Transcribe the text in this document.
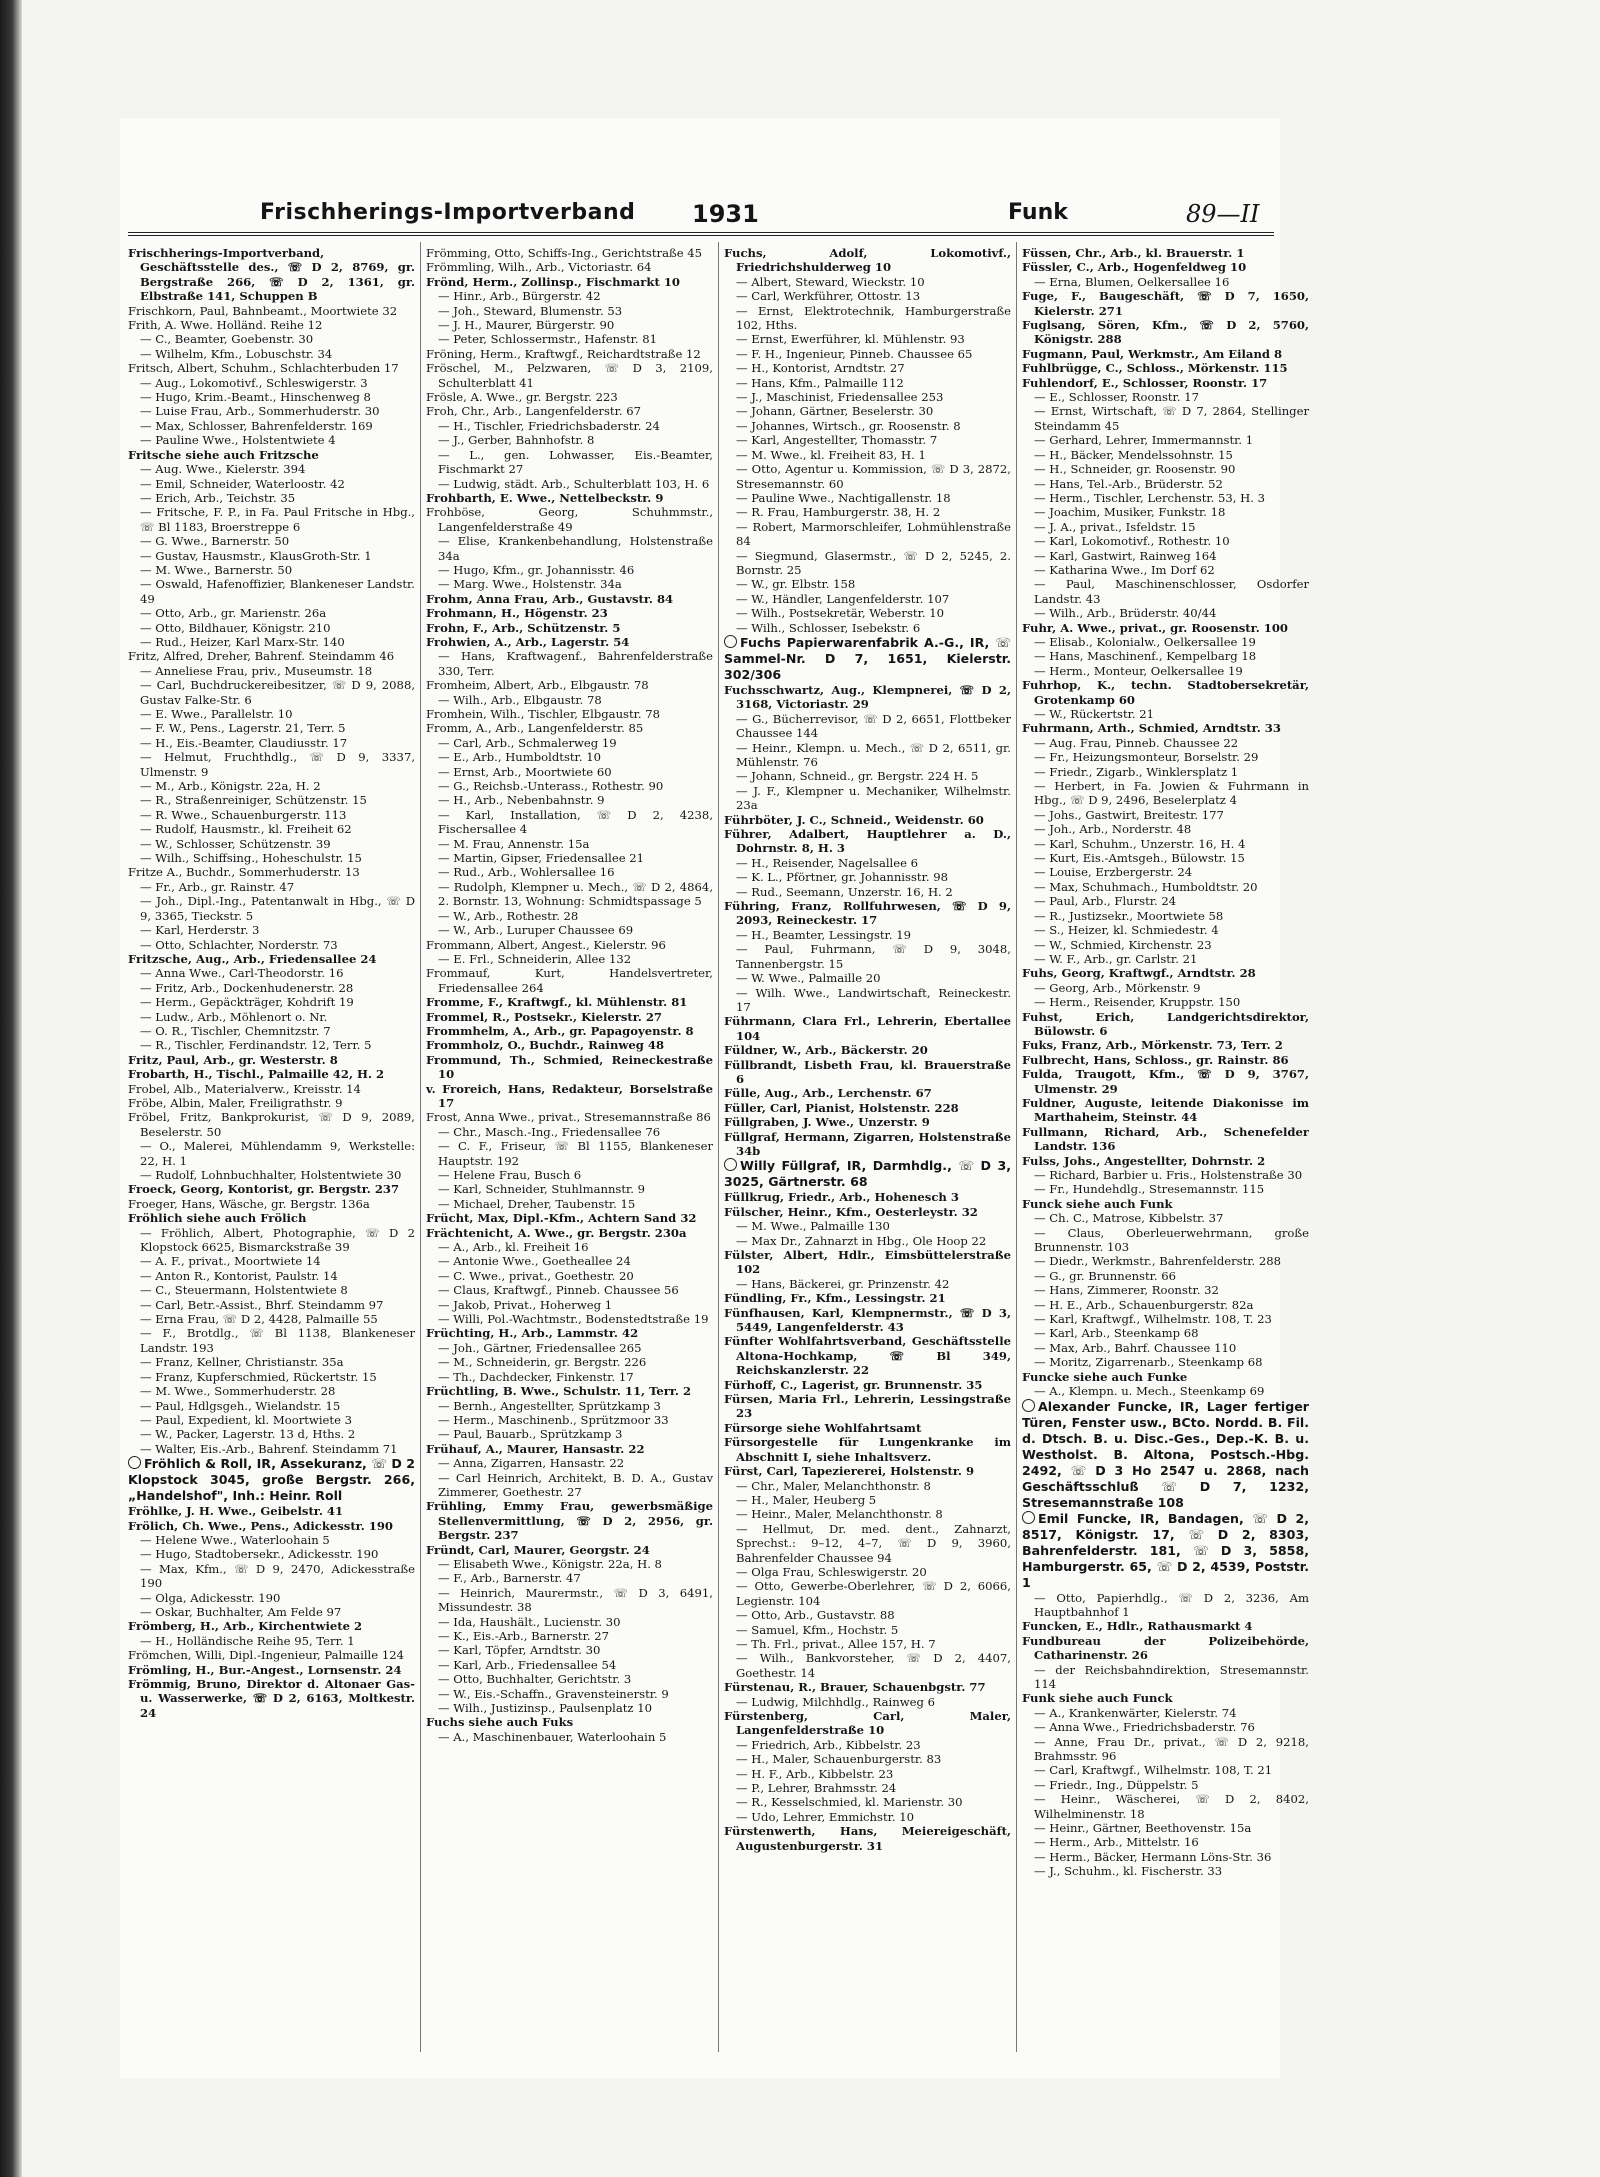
Frischherings-Importverband 1931	Funk	89—II

Frischherings-Importverband, Geschäftsstelle des., ☏ D 2, 8769, gr. Bergstraße 266, ☏ D 2, 1361, gr. Elbstraße 141, Schuppen B

Frischkorn, Paul, Bahnbeamt., Moortwiete 32

Frith, A. Wwe. Holländ. Reihe 12

— C., Beamter, Goebenstr. 30

— Wilhelm, Kfm., Lobuschstr. 34

Fritsch, Albert, Schuhm., Schlachterbuden 17

— Aug., Lokomotivf., Schleswigerstr. 3

— Hugo, Krim.-Beamt., Hinschenweg 8

— Luise Frau, Arb., Sommerhuderstr. 30

— Max, Schlosser, Bahrenfelderstr. 169

— Pauline Wwe., Holstentwiete 4

Fritsche siehe auch Fritzsche

— Aug. Wwe., Kielerstr. 394

— Emil, Schneider, Waterloostr. 42

— Erich, Arb., Teichstr. 35

— Fritsche, F. P., in Fa. Paul Fritsche in Hbg., ☏ Bl 1183, Broerstreppe 6

— G. Wwe., Barnerstr. 50

— Gustav, Hausmstr., KlausGroth-Str. 1

— M. Wwe., Barnerstr. 50

— Oswald, Hafenoffizier, Blankeneser Landstr. 49

— Otto, Arb., gr. Marienstr. 26a

— Otto, Bildhauer, Königstr. 210

— Rud., Heizer, Karl Marx-Str. 140

Fritz, Alfred, Dreher, Bahrenf. Steindamm 46

— Anneliese Frau, priv., Museumstr. 18

— Carl, Buchdruckereibesitzer, ☏ D 9, 2088, Gustav Falke-Str. 6

— E. Wwe., Parallelstr. 10

— F. W., Pens., Lagerstr. 21, Terr. 5

— H., Eis.-Beamter, Claudiusstr. 17

— Helmut, Fruchthdlg., ☏ D 9, 3337, Ulmenstr. 9

— M., Arb., Königstr. 22a, H. 2

— R., Straßenreiniger, Schützenstr. 15

— R. Wwe., Schauenburgerstr. 113

— Rudolf, Hausmstr., kl. Freiheit 62

— W., Schlosser, Schützenstr. 39

— Wilh., Schiffsing., Hoheschulstr. 15

Fritze A., Buchdr., Sommerhuderstr. 13

— Fr., Arb., gr. Rainstr. 47

— Joh., Dipl.-Ing., Patentanwalt in Hbg., ☏ D 9, 3365, Tieckstr. 5

— Karl, Herderstr. 3

— Otto, Schlachter, Norderstr. 73

Fritzsche, Aug., Arb., Friedensallee 24

— Anna Wwe., Carl-Theodorstr. 16

— Fritz, Arb., Dockenhudenerstr. 28

— Herm., Gepäckträger, Kohdrift 19

— Ludw., Arb., Möhlenort o. Nr.

— O. R., Tischler, Chemnitzstr. 7

— R., Tischler, Ferdinandstr. 12, Terr. 5

Fritz, Paul, Arb., gr. Westerstr. 8

Frobarth, H., Tischl., Palmaille 42, H. 2

Frobel, Alb., Materialverw., Kreisstr. 14

Fröbe, Albin, Maler, Freiligrathstr. 9

Fröbel, Fritz, Bankprokurist, ☏ D 9, 2089, Beselerstr. 50

— O., Malerei, Mühlendamm 9, Werkstelle: 22, H. 1

— Rudolf, Lohnbuchhalter, Holstentwiete 30

Froeck, Georg, Kontorist, gr. Bergstr. 237

Froeger, Hans, Wäsche, gr. Bergstr. 136a

Fröhlich siehe auch Frölich

— Fröhlich, Albert, Photographie, ☏ D 2 Klopstock 6625, Bismarckstraße 39

— A. F., privat., Moortwiete 14

— Anton R., Kontorist, Paulstr. 14

— C., Steuermann, Holstentwiete 8

— Carl, Betr.-Assist., Bhrf. Steindamm 97

— Erna Frau, ☏ D 2, 4428, Palmaille 55

— F., Brotdlg., ☏ Bl 1138, Blankeneser Landstr. 193

— Franz, Kellner, Christianstr. 35a

— Franz, Kupferschmied, Rückertstr. 15

— M. Wwe., Sommerhuderstr. 28

— Paul, Hdlgsgeh., Wielandstr. 15

— Paul, Expedient, kl. Moortwiete 3

— W., Packer, Lagerstr. 13 d, Hths. 2

— Walter, Eis.-Arb., Bahrenf. Steindamm 71

Fröhlich & Roll, IR, Assekuranz, ☏ D 2 Klopstock 3045, große Bergstr. 266, „Handelshof", Inh.: Heinr. Roll

Fröhlke, J. H. Wwe., Geibelstr. 41

Frölich, Ch. Wwe., Pens., Adickesstr. 190

— Helene Wwe., Waterloohain 5

— Hugo, Stadtobersekr., Adickesstr. 190

— Max, Kfm., ☏ D 9, 2470, Adickesstraße 190

— Olga, Adickesstr. 190

— Oskar, Buchhalter, Am Felde 97

Frömberg, H., Arb., Kirchentwiete 2

— H., Holländische Reihe 95, Terr. 1

Frömchen, Willi, Dipl.-Ingenieur, Palmaille 124

Frömling, H., Bur.-Angest., Lornsenstr. 24

Frömmig, Bruno, Direktor d. Altonaer Gas- u. Wasserwerke, ☏ D 2, 6163, Moltkestr. 24

Frömming, Otto, Schiffs-Ing., Gerichtstraße 45

Frömmling, Wilh., Arb., Victoriastr. 64

Frönd, Herm., Zollinsp., Fischmarkt 10

— Hinr., Arb., Bürgerstr. 42

— Joh., Steward, Blumenstr. 53

— J. H., Maurer, Bürgerstr. 90

— Peter, Schlossermstr., Hafenstr. 81

Fröning, Herm., Kraftwgf., Reichardtstraße 12

Fröschel, M., Pelzwaren, ☏ D 3, 2109, Schulterblatt 41

Frösle, A. Wwe., gr. Bergstr. 223

Froh, Chr., Arb., Langenfelderstr. 67

— H., Tischler, Friedrichsbaderstr. 24

— J., Gerber, Bahnhofstr. 8

— L., gen. Lohwasser, Eis.-Beamter, Fischmarkt 27

— Ludwig, städt. Arb., Schulterblatt 103, H. 6

Frohbarth, E. Wwe., Nettelbeckstr. 9

Frohböse, Georg, Schuhmmstr., Langenfelderstraße 49

— Elise, Krankenbehandlung, Holstenstraße 34a

— Hugo, Kfm., gr. Johannisstr. 46

— Marg. Wwe., Holstenstr. 34a

Frohm, Anna Frau, Arb., Gustavstr. 84

Frohmann, H., Högenstr. 23

Frohn, F., Arb., Schützenstr. 5

Frohwien, A., Arb., Lagerstr. 54

— Hans, Kraftwagenf., Bahrenfelderstraße 330, Terr.

Fromheim, Albert, Arb., Elbgaustr. 78

— Wilh., Arb., Elbgaustr. 78

Fromhein, Wilh., Tischler, Elbgaustr. 78

Fromm, A., Arb., Langenfelderstr. 85

— Carl, Arb., Schmalerweg 19

— E., Arb., Humboldtstr. 10

— Ernst, Arb., Moortwiete 60

— G., Reichsb.-Unterass., Rothestr. 90

— H., Arb., Nebenbahnstr. 9

— Karl, Installation, ☏ D 2, 4238, Fischersallee 4

— M. Frau, Annenstr. 15a

— Martin, Gipser, Friedensallee 21

— Rud., Arb., Wohlersallee 16

— Rudolph, Klempner u. Mech., ☏ D 2, 4864, 2. Bornstr. 13, Wohnung: Schmidtspassage 5

— W., Arb., Rothestr. 28

— W., Arb., Luruper Chaussee 69

Frommann, Albert, Angest., Kielerstr. 96

— E. Frl., Schneiderin, Allee 132

Frommauf, Kurt, Handelsvertreter, Friedensallee 264

Fromme, F., Kraftwgf., kl. Mühlenstr. 81

Frommel, R., Postsekr., Kielerstr. 27

Frommhelm, A., Arb., gr. Papagoyenstr. 8

Frommholz, O., Buchdr., Rainweg 48

Frommund, Th., Schmied, Reineckestraße 10

v. Froreich, Hans, Redakteur, Borselstraße 17

Frost, Anna Wwe., privat., Stresemannstraße 86

— Chr., Masch.-Ing., Friedensallee 76

— C. F., Friseur, ☏ Bl 1155, Blankeneser Hauptstr. 192

— Helene Frau, Busch 6

— Karl, Schneider, Stuhlmannstr. 9

— Michael, Dreher, Taubenstr. 15

Frücht, Max, Dipl.-Kfm., Achtern Sand 32

Frächtenicht, A. Wwe., gr. Bergstr. 230a

— A., Arb., kl. Freiheit 16

— Antonie Wwe., Goetheallee 24

— C. Wwe., privat., Goethestr. 20

— Claus, Kraftwgf., Pinneb. Chaussee 56

— Jakob, Privat., Hoherweg 1

— Willi, Pol.-Wachtmstr., Bodenstedtstraße 19

Früchting, H., Arb., Lammstr. 42

— Joh., Gärtner, Friedensallee 265

— M., Schneiderin, gr. Bergstr. 226

— Th., Dachdecker, Finkenstr. 17

Früchtling, B. Wwe., Schulstr. 11, Terr. 2

— Bernh., Angestellter, Sprützkamp 3

— Herm., Maschinenb., Sprützmoor 33

— Paul, Bauarb., Sprützkamp 3

Frühauf, A., Maurer, Hansastr. 22

— Anna, Zigarren, Hansastr. 22

— Carl Heinrich, Architekt, B. D. A., Gustav Zimmerer, Goethestr. 27

Frühling, Emmy Frau, gewerbsmäßige Stellenvermittlung, ☏ D 2, 2956, gr. Bergstr. 237

Fründt, Carl, Maurer, Georgstr. 24

— Elisabeth Wwe., Königstr. 22a, H. 8

— F., Arb., Barnerstr. 47

— Heinrich, Maurermstr., ☏ D 3, 6491, Missundestr. 38

— Ida, Haushält., Lucienstr. 30

— K., Eis.-Arb., Barnerstr. 27

— Karl, Töpfer, Arndtstr. 30

— Karl, Arb., Friedensallee 54

— Otto, Buchhalter, Gerichtstr. 3

— W., Eis.-Schaffn., Gravensteinerstr. 9

— Wilh., Justizinsp., Paulsenplatz 10

Fuchs siehe auch Fuks

— A., Maschinenbauer, Waterloohain 5

Fuchs, Adolf, Lokomotivf., Friedrichshulderweg 10

— Albert, Steward, Wieckstr. 10

— Carl, Werkführer, Ottostr. 13

— Ernst, Elektrotechnik, Hamburgerstraße 102, Hths.

— Ernst, Ewerführer, kl. Mühlenstr. 93

— F. H., Ingenieur, Pinneb. Chaussee 65

— H., Kontorist, Arndtstr. 27

— Hans, Kfm., Palmaille 112

— J., Maschinist, Friedensallee 253

— Johann, Gärtner, Beselerstr. 30

— Johannes, Wirtsch., gr. Roosenstr. 8

— Karl, Angestellter, Thomasstr. 7

— M. Wwe., kl. Freiheit 83, H. 1

— Otto, Agentur u. Kommission, ☏ D 3, 2872, Stresemannstr. 60

— Pauline Wwe., Nachtigallenstr. 18

— R. Frau, Hamburgerstr. 38, H. 2

— Robert, Marmorschleifer, Lohmühlenstraße 84

— Siegmund, Glasermstr., ☏ D 2, 5245, 2. Bornstr. 25

— W., gr. Elbstr. 158

— W., Händler, Langenfelderstr. 107

— Wilh., Postsekretär, Weberstr. 10

— Wilh., Schlosser, Isebekstr. 6

Fuchs Papierwarenfabrik A.-G., IR, ☏ Sammel-Nr. D 7, 1651, Kielerstr. 302/306

Fuchsschwartz, Aug., Klempnerei, ☏ D 2, 3168, Victoriastr. 29

— G., Bücherrevisor, ☏ D 2, 6651, Flottbeker Chaussee 144

— Heinr., Klempn. u. Mech., ☏ D 2, 6511, gr. Mühlenstr. 76

— Johann, Schneid., gr. Bergstr. 224 H. 5

— J. F., Klempner u. Mechaniker, Wilhelmstr. 23a

Führböter, J. C., Schneid., Weidenstr. 60

Führer, Adalbert, Hauptlehrer a. D., Dohrnstr. 8, H. 3

— H., Reisender, Nagelsallee 6

— K. L., Pförtner, gr. Johannisstr. 98

— Rud., Seemann, Unzerstr. 16, H. 2

Führing, Franz, Rollfuhrwesen, ☏ D 9, 2093, Reineckestr. 17

— H., Beamter, Lessingstr. 19

— Paul, Fuhrmann, ☏ D 9, 3048, Tannenbergstr. 15

— W. Wwe., Palmaille 20

— Wilh. Wwe., Landwirtschaft, Reineckestr. 17

Führmann, Clara Frl., Lehrerin, Ebertallee 104

Füldner, W., Arb., Bäckerstr. 20

Füllbrandt, Lisbeth Frau, kl. Brauerstraße 6

Fülle, Aug., Arb., Lerchenstr. 67

Füller, Carl, Pianist, Holstenstr. 228

Füllgraben, J. Wwe., Unzerstr. 9

Füllgraf, Hermann, Zigarren, Holstenstraße 34b

Willy Füllgraf, IR, Darmhdlg., ☏ D 3, 3025, Gärtnerstr. 68

Füllkrug, Friedr., Arb., Hohenesch 3

Fülscher, Heinr., Kfm., Oesterleystr. 32

— M. Wwe., Palmaille 130

— Max Dr., Zahnarzt in Hbg., Ole Hoop 22

Fülster, Albert, Hdlr., Eimsbüttelerstraße 102

— Hans, Bäckerei, gr. Prinzenstr. 42

Fündling, Fr., Kfm., Lessingstr. 21

Fünfhausen, Karl, Klempnermstr., ☏ D 3, 5449, Langenfelderstr. 43

Fünfter Wohlfahrtsverband, Geschäftsstelle Altona-Hochkamp, ☏ Bl 349, Reichskanzlerstr. 22

Fürhoff, C., Lagerist, gr. Brunnenstr. 35

Fürsen, Maria Frl., Lehrerin, Lessingstraße 23

Fürsorge siehe Wohlfahrtsamt

Fürsorgestelle für Lungenkranke im Abschnitt I, siehe Inhaltsverz.

Fürst, Carl, Tapeziererei, Holstenstr. 9

— Chr., Maler, Melanchthonstr. 8

— H., Maler, Heuberg 5

— Heinr., Maler, Melanchthonstr. 8

— Hellmut, Dr. med. dent., Zahnarzt, Sprechst.: 9–12, 4–7, ☏ D 9, 3960, Bahrenfelder Chaussee 94

— Olga Frau, Schleswigerstr. 20

— Otto, Gewerbe-Oberlehrer, ☏ D 2, 6066, Legienstr. 104

— Otto, Arb., Gustavstr. 88

— Samuel, Kfm., Hochstr. 5

— Th. Frl., privat., Allee 157, H. 7

— Wilh., Bankvorsteher, ☏ D 2, 4407, Goethestr. 14

Fürstenau, R., Brauer, Schauenbgstr. 77

— Ludwig, Milchhdlg., Rainweg 6

Fürstenberg, Carl, Maler, Langenfelderstraße 10

— Friedrich, Arb., Kibbelstr. 23

— H., Maler, Schauenburgerstr. 83

— H. F., Arb., Kibbelstr. 23

— P., Lehrer, Brahmsstr. 24

— R., Kesselschmied, kl. Marienstr. 30

— Udo, Lehrer, Emmichstr. 10

Fürstenwerth, Hans, Meiereigeschäft, Augustenburgerstr. 31

Füssen, Chr., Arb., kl. Brauerstr. 1

Füssler, C., Arb., Hogenfeldweg 10

— Erna, Blumen, Oelkersallee 16

Fuge, F., Baugeschäft, ☏ D 7, 1650, Kielerstr. 271

Fuglsang, Sören, Kfm., ☏ D 2, 5760, Königstr. 288

Fugmann, Paul, Werkmstr., Am Eiland 8

Fuhlbrügge, C., Schloss., Mörkenstr. 115

Fuhlendorf, E., Schlosser, Roonstr. 17

— E., Schlosser, Roonstr. 17

— Ernst, Wirtschaft, ☏ D 7, 2864, Stellinger Steindamm 45

— Gerhard, Lehrer, Immermannstr. 1

— H., Bäcker, Mendelssohnstr. 15

— H., Schneider, gr. Roosenstr. 90

— Hans, Tel.-Arb., Brüderstr. 52

— Herm., Tischler, Lerchenstr. 53, H. 3

— Joachim, Musiker, Funkstr. 18

— J. A., privat., Isfeldstr. 15

— Karl, Lokomotivf., Rothestr. 10

— Karl, Gastwirt, Rainweg 164

— Katharina Wwe., Im Dorf 62

— Paul, Maschinenschlosser, Osdorfer Landstr. 43

— Wilh., Arb., Brüderstr. 40/44

Fuhr, A. Wwe., privat., gr. Roosenstr. 100

— Elisab., Kolonialw., Oelkersallee 19

— Hans, Maschinenf., Kempelbarg 18

— Herm., Monteur, Oelkersallee 19

Fuhrhop, K., techn. Stadtobersekretär, Grotenkamp 60

— W., Rückertstr. 21

Fuhrmann, Arth., Schmied, Arndtstr. 33

— Aug. Frau, Pinneb. Chaussee 22

— Fr., Heizungsmonteur, Borselstr. 29

— Friedr., Zigarb., Winklersplatz 1

— Herbert, in Fa. Jowien & Fuhrmann in Hbg., ☏ D 9, 2496, Beselerplatz 4

— Johs., Gastwirt, Breitestr. 177

— Joh., Arb., Norderstr. 48

— Karl, Schuhm., Unzerstr. 16, H. 4

— Kurt, Eis.-Amtsgeh., Bülowstr. 15

— Louise, Erzbergerstr. 24

— Max, Schuhmach., Humboldtstr. 20

— Paul, Arb., Flurstr. 24

— R., Justizsekr., Moortwiete 58

— S., Heizer, kl. Schmiedestr. 4

— W., Schmied, Kirchenstr. 23

— W. F., Arb., gr. Carlstr. 21

Fuhs, Georg, Kraftwgf., Arndtstr. 28

— Georg, Arb., Mörkenstr. 9

— Herm., Reisender, Kruppstr. 150

Fuhst, Erich, Landgerichtsdirektor, Bülowstr. 6

Fuks, Franz, Arb., Mörkenstr. 73, Terr. 2

Fulbrecht, Hans, Schloss., gr. Rainstr. 86

Fulda, Traugott, Kfm., ☏ D 9, 3767, Ulmenstr. 29

Fuldner, Auguste, leitende Diakonisse im Marthaheim, Steinstr. 44

Fullmann, Richard, Arb., Schenefelder Landstr. 136

Fulss, Johs., Angestellter, Dohrnstr. 2

— Richard, Barbier u. Fris., Holstenstraße 30

— Fr., Hundehdlg., Stresemannstr. 115

Funck siehe auch Funk

— Ch. C., Matrose, Kibbelstr. 37

— Claus, Oberleuerwehrmann, große Brunnenstr. 103

— Diedr., Werkmstr., Bahrenfelderstr. 288

— G., gr. Brunnenstr. 66

— Hans, Zimmerer, Roonstr. 32

— H. E., Arb., Schauenburgerstr. 82a

— Karl, Kraftwgf., Wilhelmstr. 108, T. 23

— Karl, Arb., Steenkamp 68

— Max, Arb., Bahrf. Chaussee 110

— Moritz, Zigarrenarb., Steenkamp 68

Funcke siehe auch Funke

— A., Klempn. u. Mech., Steenkamp 69

Alexander Funcke, IR, Lager fertiger Türen, Fenster usw., BCto. Nordd. B. Fil. d. Dtsch. B. u. Disc.-Ges., Dep.-K. B. u. Westholst. B. Altona, Postsch.-Hbg. 2492, ☏ D 3 Ho 2547 u. 2868, nach Geschäftsschluß ☏ D 7, 1232, Stresemannstraße 108

Emil Funcke, IR, Bandagen, ☏ D 2, 8517, Königstr. 17, ☏ D 2, 8303, Bahrenfelderstr. 181, ☏ D 3, 5858, Hamburgerstr. 65, ☏ D 2, 4539, Poststr. 1

— Otto, Papierhdlg., ☏ D 2, 3236, Am Hauptbahnhof 1

Funcken, E., Hdlr., Rathausmarkt 4

Fundbureau der Polizeibehörde, Catharinenstr. 26

— der Reichsbahndirektion, Stresemannstr. 114

Funk siehe auch Funck

— A., Krankenwärter, Kielerstr. 74

— Anna Wwe., Friedrichsbaderstr. 76

— Anne, Frau Dr., privat., ☏ D 2, 9218, Brahmsstr. 96

— Carl, Kraftwgf., Wilhelmstr. 108, T. 21

— Friedr., Ing., Düppelstr. 5

— Heinr., Wäscherei, ☏ D 2, 8402, Wilhelminenstr. 18

— Heinr., Gärtner, Beethovenstr. 15a

— Herm., Arb., Mittelstr. 16

— Herm., Bäcker, Hermann Löns-Str. 36

— J., Schuhm., kl. Fischerstr. 33
